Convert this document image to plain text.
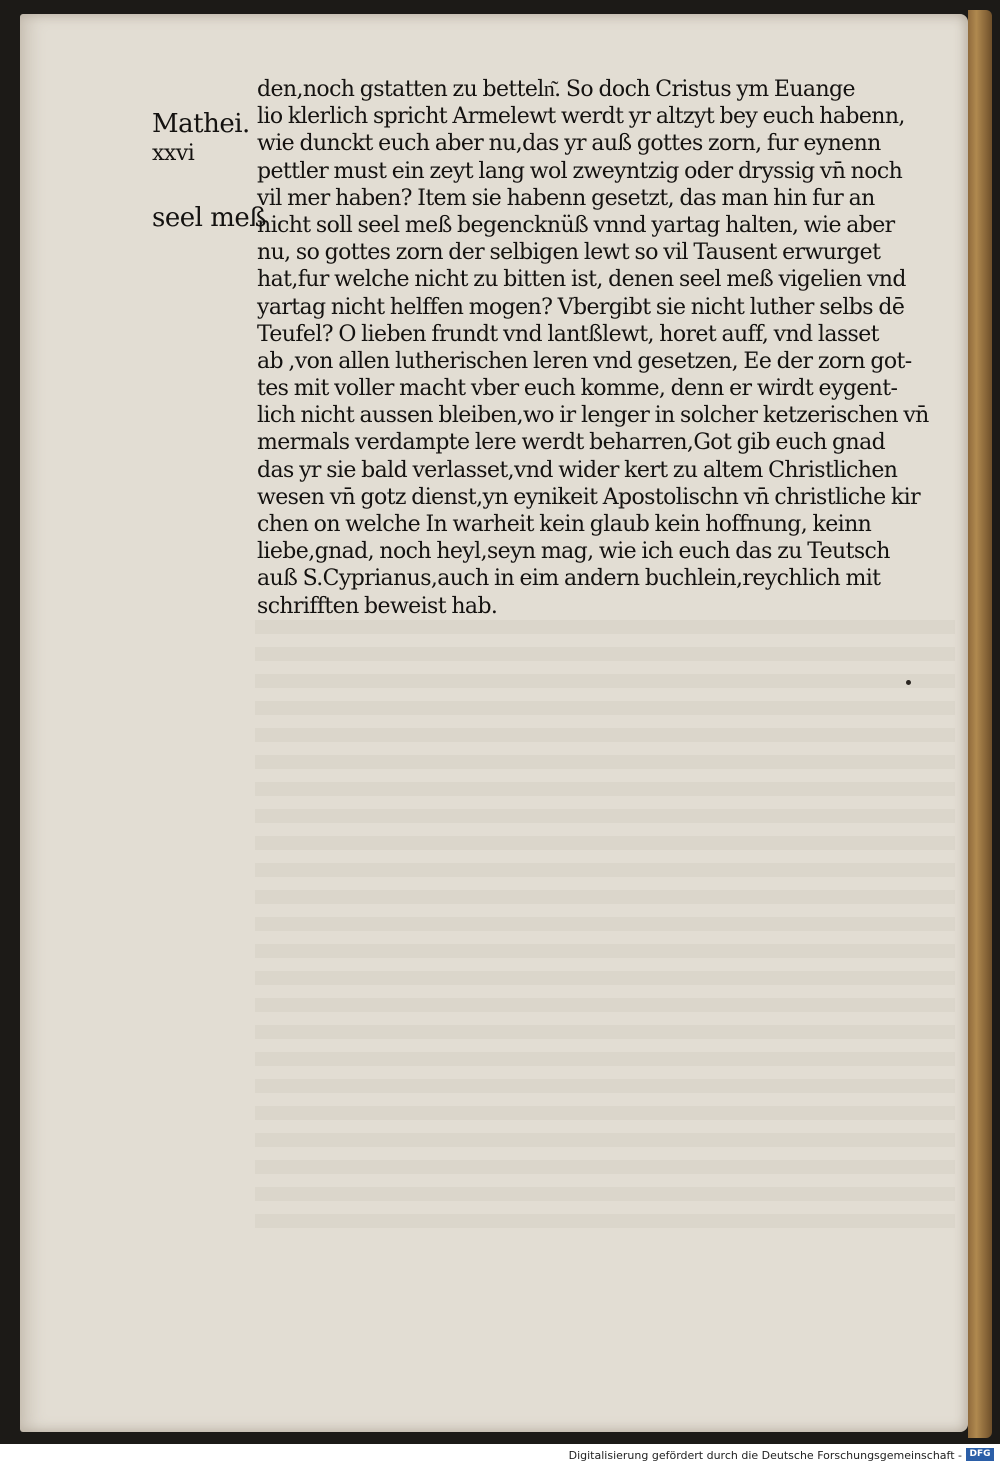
Mathei.
xxvi
seel meß
den,noch gstatten zu betteln͂. So doch Cristus ym Euange
lio klerlich spricht Armelewt werdt yr altzyt bey euch habenn,
wie dunckt euch aber nu,das yr auß gottes zorn, fur eynenn
pettler must ein zeyt lang wol zweyntzig oder dryssig vn̄ noch
vil mer haben? Item sie habenn gesetzt, das man hin fur an
nicht soll seel meß begencknüß vnnd yartag halten, wie aber
nu, so gottes zorn der selbigen lewt so vil Tausent erwurget
hat,fur welche nicht zu bitten ist, denen seel meß vigelien vnd
yartag nicht helffen mogen? Vbergibt sie nicht luther selbs dē
Teufel? O lieben frundt vnd lantßlewt, horet auff, vnd lasset
ab ,von allen lutherischen leren vnd gesetzen, Ee der zorn got-
tes mit voller macht vber euch komme, denn er wirdt eygent-
lich nicht aussen bleiben,wo ir lenger in solcher ketzerischen vn̄
mermals verdampte lere werdt beharren,Got gib euch gnad
das yr sie bald verlasset,vnd wider kert zu altem Christlichen
wesen vn̄ gotz dienst,yn eynikeit Apostolischn vn̄ christliche kir
chen on welche In warheit kein glaub kein hoffnung, keinn
liebe,gnad, noch heyl,seyn mag, wie ich euch das zu Teutsch
auß S.Cyprianus,auch in eim andern buchlein,reychlich mit
schrifften beweist hab.
Digitalisierung gefördert durch die Deutsche Forschungsgemeinschaft - DFG
